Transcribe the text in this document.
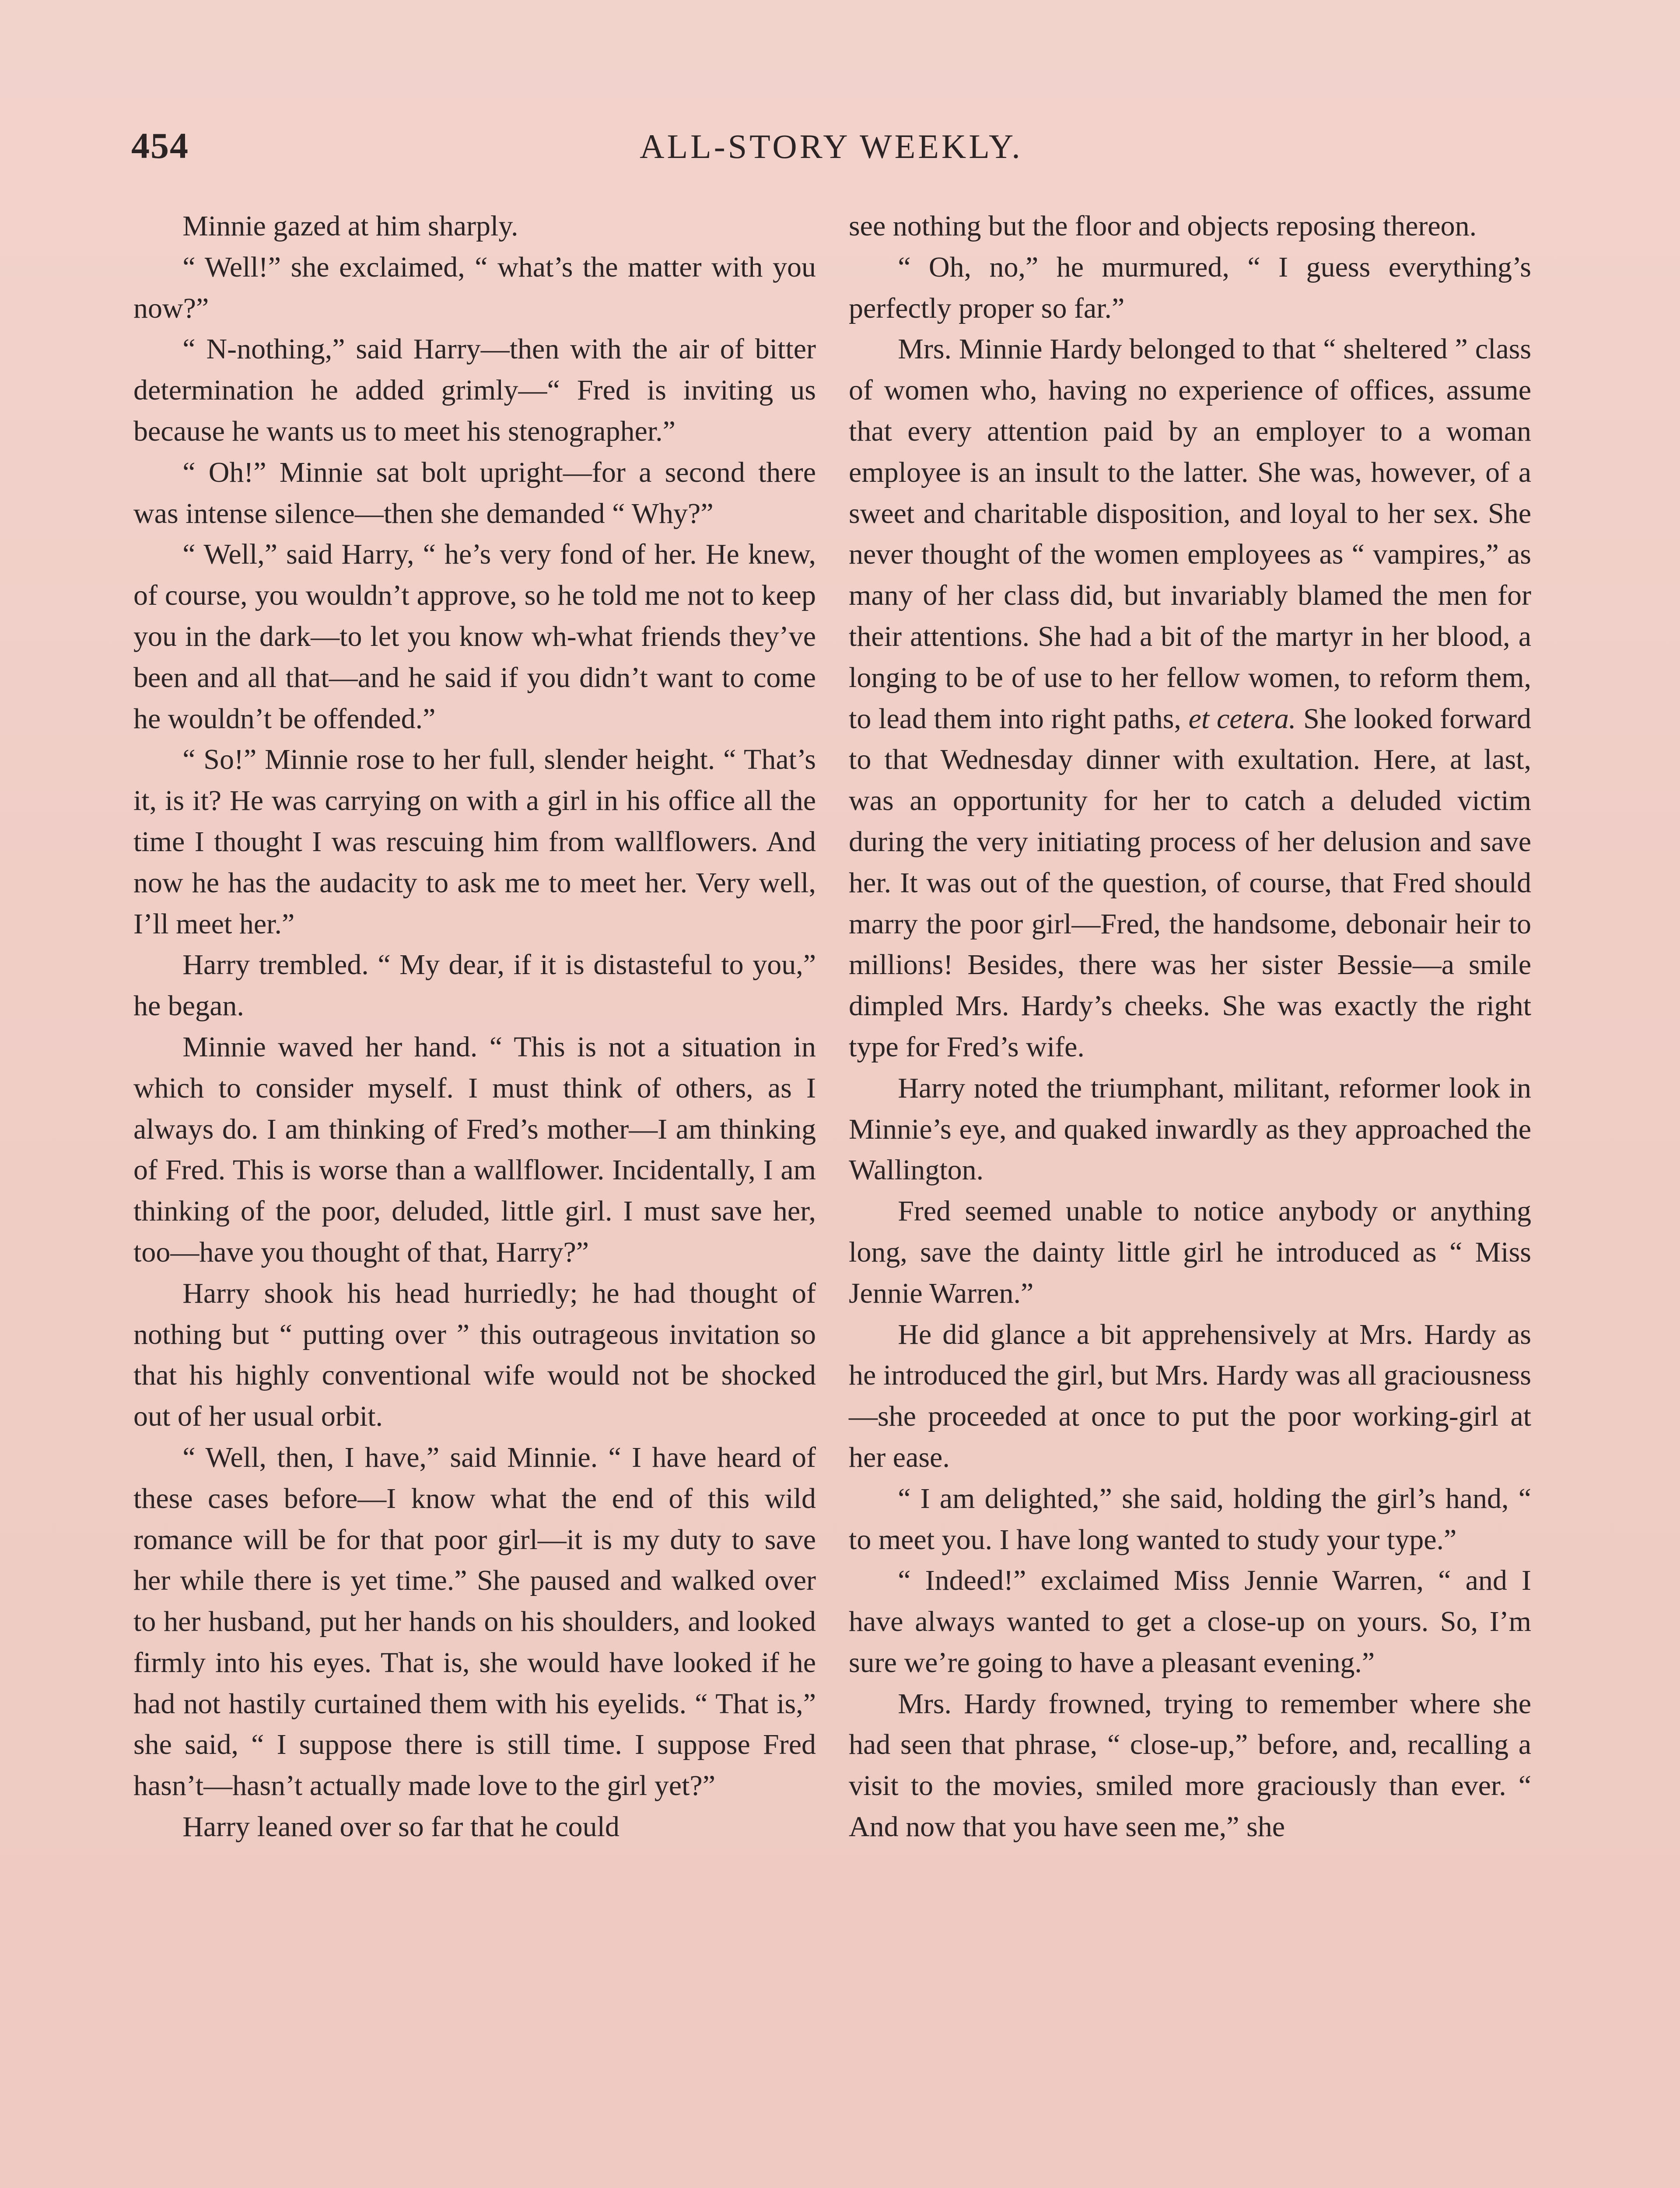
454	ALL-STORY WEEKLY.

Minnie gazed at him sharply.

“ Well!” she exclaimed, “ what’s the matter with you now?”

“ N-nothing,” said Harry—then with the air of bitter determination he added grimly—“ Fred is inviting us because he wants us to meet his stenographer.”

“ Oh!” Minnie sat bolt upright—for a second there was intense silence—then she demanded “ Why?”

“ Well,” said Harry, “ he’s very fond of her. He knew, of course, you wouldn’t approve, so he told me not to keep you in the dark—to let you know wh-what friends they’ve been and all that—and he said if you didn’t want to come he wouldn’t be offended.”

“ So!” Minnie rose to her full, slender height. “ That’s it, is it? He was carrying on with a girl in his office all the time I thought I was rescuing him from wallflowers. And now he has the audacity to ask me to meet her. Very well, I’ll meet her.”

Harry trembled. “ My dear, if it is distasteful to you,” he began.

Minnie waved her hand. “ This is not a situation in which to consider myself. I must think of others, as I always do. I am thinking of Fred’s mother—I am thinking of Fred. This is worse than a wallflower. Incidentally, I am thinking of the poor, deluded, little girl. I must save her, too—have you thought of that, Harry?”

Harry shook his head hurriedly; he had thought of nothing but “ putting over ” this outrageous invitation so that his highly conventional wife would not be shocked out of her usual orbit.

“ Well, then, I have,” said Minnie. “ I have heard of these cases before—I know what the end of this wild romance will be for that poor girl—it is my duty to save her while there is yet time.” She paused and walked over to her husband, put her hands on his shoulders, and looked firmly into his eyes. That is, she would have looked if he had not hastily curtained them with his eyelids. “ That is,” she said, “ I suppose there is still time. I suppose Fred hasn’t—hasn’t actually made love to the girl yet?”

Harry leaned over so far that he could

see nothing but the floor and objects reposing thereon.

“ Oh, no,” he murmured, “ I guess everything’s perfectly proper so far.”

Mrs. Minnie Hardy belonged to that “ sheltered ” class of women who, having no experience of offices, assume that every attention paid by an employer to a woman employee is an insult to the latter. She was, however, of a sweet and charitable disposition, and loyal to her sex. She never thought of the women employees as “ vampires,” as many of her class did, but invariably blamed the men for their attentions. She had a bit of the martyr in her blood, a longing to be of use to her fellow women, to reform them, to lead them into right paths, et cetera. She looked forward to that Wednesday dinner with exultation. Here, at last, was an opportunity for her to catch a deluded victim during the very initiating process of her delusion and save her. It was out of the question, of course, that Fred should marry the poor girl—Fred, the handsome, debonair heir to millions! Besides, there was her sister Bessie—a smile dimpled Mrs. Hardy’s cheeks. She was exactly the right type for Fred’s wife.

Harry noted the triumphant, militant, reformer look in Minnie’s eye, and quaked inwardly as they approached the Wallington.

Fred seemed unable to notice anybody or anything long, save the dainty little girl he introduced as “ Miss Jennie Warren.”

He did glance a bit apprehensively at Mrs. Hardy as he introduced the girl, but Mrs. Hardy was all graciousness—she proceeded at once to put the poor working-girl at her ease.

“ I am delighted,” she said, holding the girl’s hand, “ to meet you. I have long wanted to study your type.”

“ Indeed!” exclaimed Miss Jennie Warren, “ and I have always wanted to get a close-up on yours. So, I’m sure we’re going to have a pleasant evening.”

Mrs. Hardy frowned, trying to remember where she had seen that phrase, “ close-up,” before, and, recalling a visit to the movies, smiled more graciously than ever. “ And now that you have seen me,” she
